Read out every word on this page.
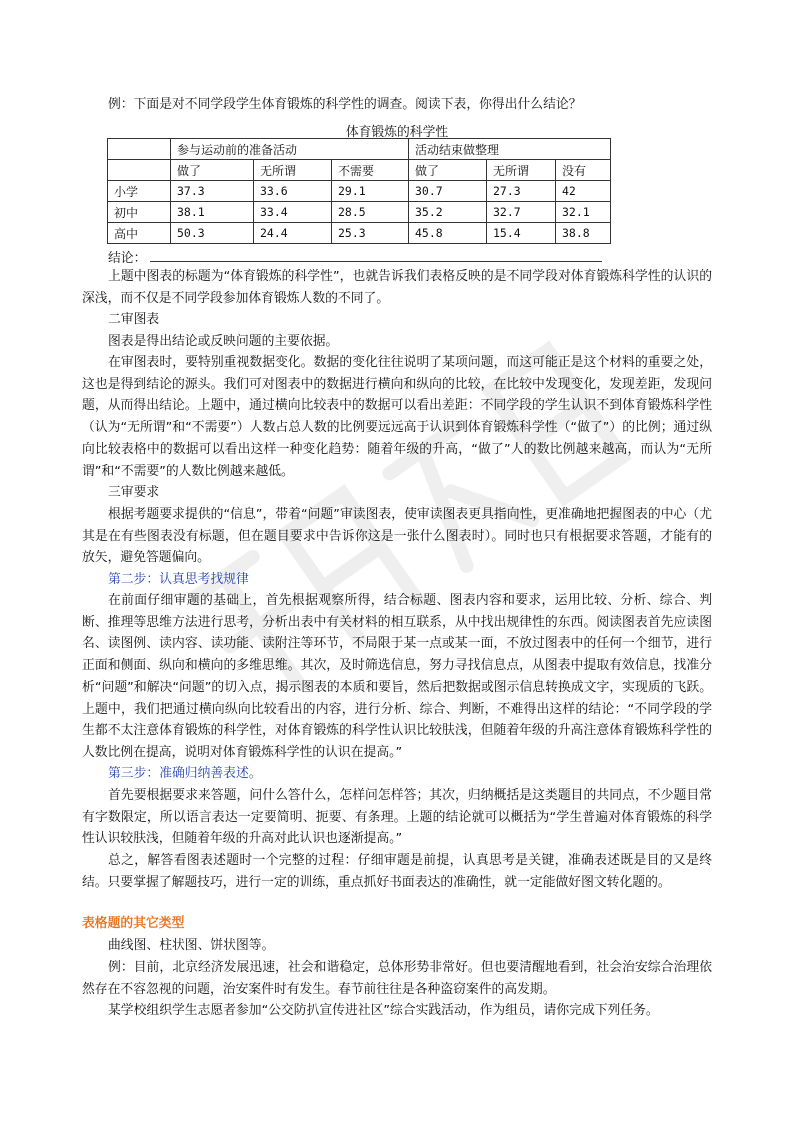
例：下面是对不同学段学生体育锻炼的科学性的调查。阅读下表，你得出什么结论？
体育锻炼的科学性
	参与运动前的准备活动			活动结束做整理		
	做了	无所谓	不需要	做了	无所谓	没有
小学	37.3	33.6	29.1	30.7	27.3	42
初中	38.1	33.4	28.5	35.2	32.7	32.1
高中	50.3	24.4	25.3	45.8	15.4	38.8
结论：
上题中图表的标题为“体育锻炼的科学性”，也就告诉我们表格反映的是不同学段对体育锻炼科学性的认识的深浅，而不仅是不同学段参加体育锻炼人数的不同了。
二审图表
图表是得出结论或反映问题的主要依据。
在审图表时，要特别重视数据变化。数据的变化往往说明了某项问题，而这可能正是这个材料的重要之处，这也是得到结论的源头。我们可对图表中的数据进行横向和纵向的比较，在比较中发现变化，发现差距，发现问题，从而得出结论。上题中，通过横向比较表中的数据可以看出差距：不同学段的学生认识不到体育锻炼科学性（认为“无所谓”和“不需要”）人数占总人数的比例要远远高于认识到体育锻炼科学性（“做了”）的比例；通过纵向比较表格中的数据可以看出这样一种变化趋势：随着年级的升高，“做了”人的数比例越来越高，而认为“无所谓”和“不需要”的人数比例越来越低。
三审要求
根据考题要求提供的“信息”，带着“问题”审读图表，使审读图表更具指向性，更准确地把握图表的中心（尤其是在有些图表没有标题，但在题目要求中告诉你这是一张什么图表时）。同时也只有根据要求答题，才能有的放矢，避免答题偏向。
第二步：认真思考找规律
在前面仔细审题的基础上，首先根据观察所得，结合标题、图表内容和要求，运用比较、分析、综合、判断、推理等思维方法进行思考，分析出表中有关材料的相互联系，从中找出规律性的东西。阅读图表首先应读图名、读图例、读内容、读功能、读附注等环节，不局限于某一点或某一面，不放过图表中的任何一个细节，进行正面和侧面、纵向和横向的多维思维。其次，及时筛选信息，努力寻找信息点，从图表中提取有效信息，找准分析“问题”和解决“问题”的切入点，揭示图表的本质和要旨，然后把数据或图示信息转换成文字，实现质的飞跃。上题中，我们把通过横向纵向比较看出的内容，进行分析、综合、判断，不难得出这样的结论：“不同学段的学生都不太注意体育锻炼的科学性，对体育锻炼的科学性认识比较肤浅，但随着年级的升高注意体育锻炼科学性的人数比例在提高，说明对体育锻炼科学性的认识在提高。”
第三步：准确归纳善表述。
首先要根据要求来答题，问什么答什么，怎样问怎样答；其次，归纳概括是这类题目的共同点，不少题目常有字数限定，所以语言表达一定要简明、扼要、有条理。上题的结论就可以概括为“学生普遍对体育锻炼的科学性认识较肤浅，但随着年级的升高对此认识也逐渐提高。”
总之，解答看图表述题时一个完整的过程：仔细审题是前提，认真思考是关键，准确表述既是目的又是终结。只要掌握了解题技巧，进行一定的训练，重点抓好书面表达的准确性，就一定能做好图文转化题的。
表格题的其它类型
曲线图、柱状图、饼状图等。
例：目前，北京经济发展迅速，社会和谐稳定，总体形势非常好。但也要清醒地看到，社会治安综合治理依然存在不容忽视的问题，治安案件时有发生。春节前往往是各种盗窃案件的高发期。
某学校组织学生志愿者参加“公交防扒宣传进社区”综合实践活动，作为组员，请你完成下列任务。
